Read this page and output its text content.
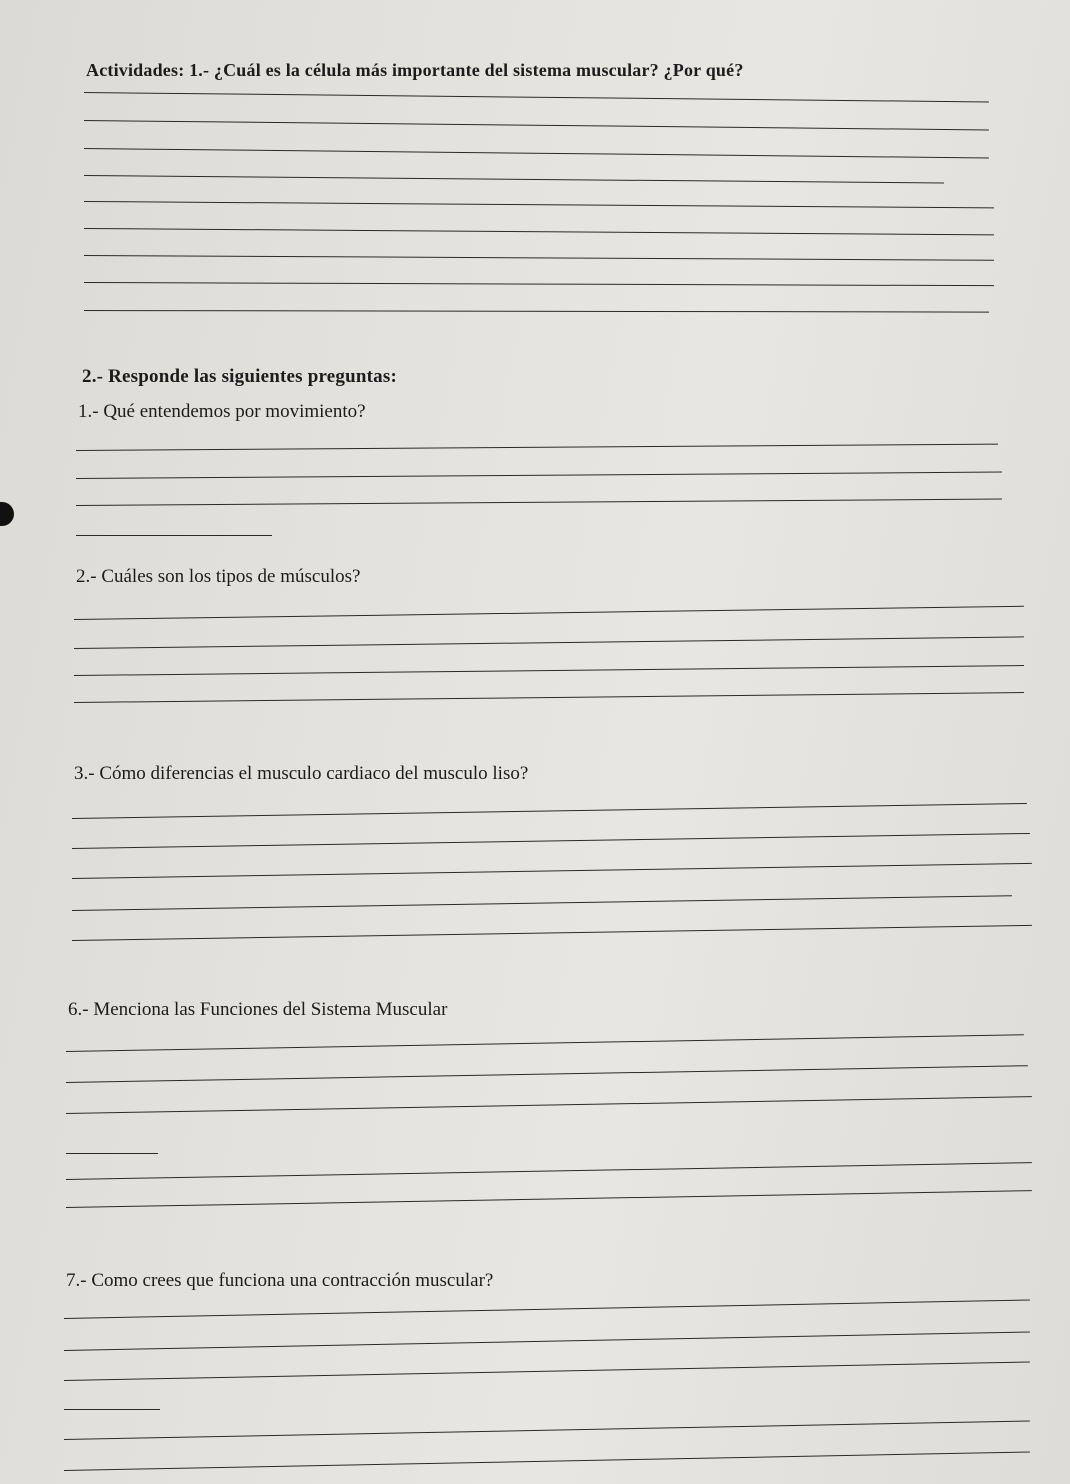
Actividades: 1.- ¿Cuál es la célula más importante del sistema muscular? ¿Por qué?
2.- Responde las siguientes preguntas:
1.- Qué entendemos por movimiento?
2.- Cuáles son los tipos de músculos?
3.- Cómo diferencias el musculo cardiaco del musculo liso?
6.- Menciona las Funciones del Sistema Muscular
7.- Como crees que funciona una contracción muscular?
